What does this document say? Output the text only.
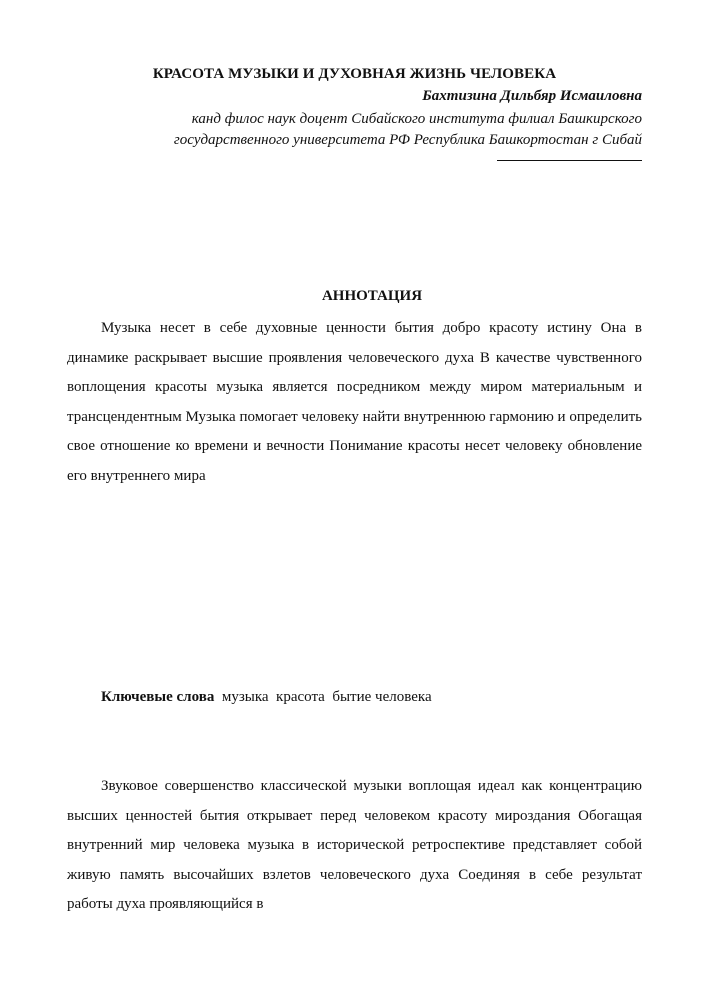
КРАСОТА МУЗЫКИ И ДУХОВНАЯ ЖИЗНЬ ЧЕЛОВЕКА
Бахтизина Дильбяр Исмаиловна
канд филос наук доцент Сибайского института филиал Башкирского
государственного университета РФ Республика Башкортостан г Сибай
АННОТАЦИЯ

Музыка несет в себе духовные ценности бытия добро красоту истину Она в динамике раскрывает высшие проявления человеческого духа В качестве чувственного воплощения красоты музыка является посредником между миром материальным и трансцендентным Музыка помогает человеку найти внутреннюю гармонию и определить свое отношение ко времени и вечности Понимание красоты несет человеку обновление его внутреннего мира

Ключевые слова  музыка  красота  бытие человека

Звуковое совершенство классической музыки воплощая идеал как концентрацию высших ценностей бытия открывает перед человеком красоту мироздания Обогащая внутренний мир человека музыка в исторической ретроспективе представляет собой живую память высочайших взлетов человеческого духа Соединяя в себе результат работы духа проявляющийся в
